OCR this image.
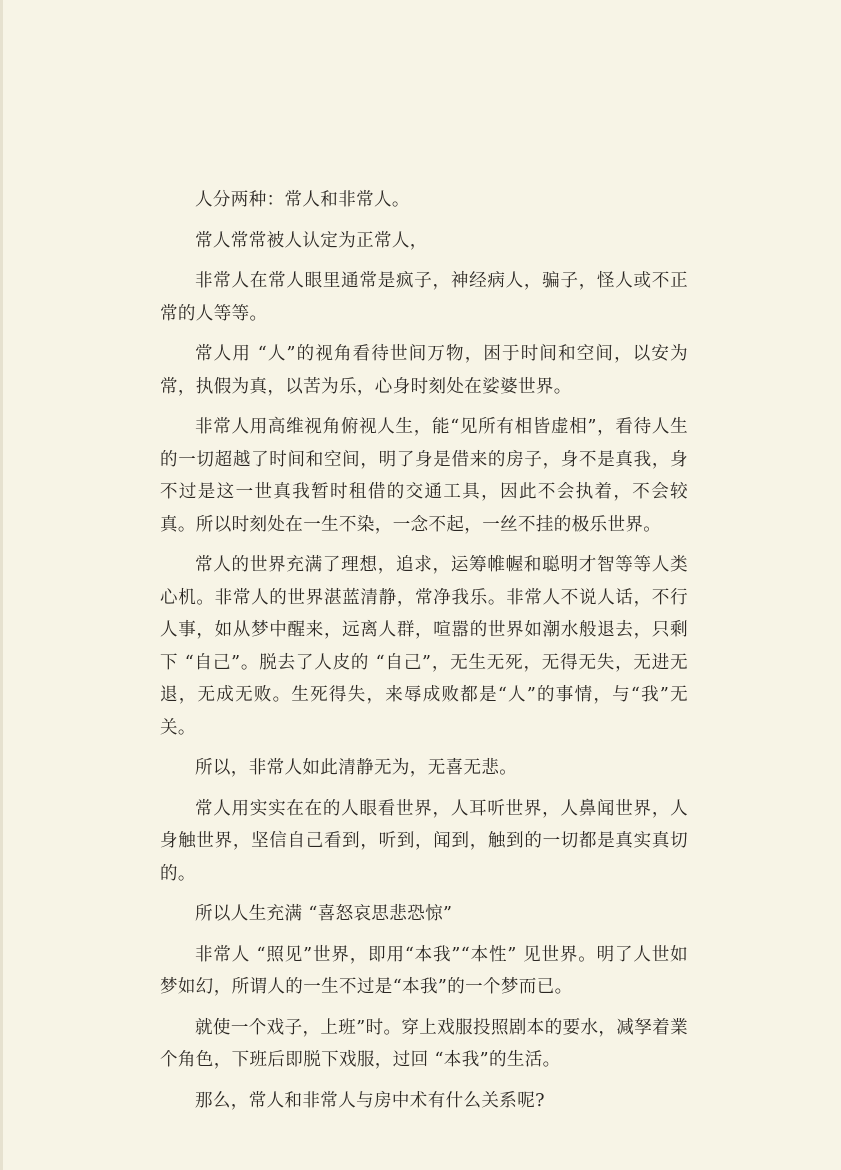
人分两种：常人和非常人。

常人常常被人认定为正常人，

非常人在常人眼里通常是疯子，神经病人，骗子，怪人或不正常的人等等。

常人用 “人”的视角看待世间万物，困于时间和空间，以安为常，执假为真，以苦为乐，心身时刻处在娑婆世界。

非常人用高维视角俯视人生，能“见所有相皆虚相”，看待人生的一切超越了时间和空间，明了身是借来的房子，身不是真我，身不过是这一世真我暂时租借的交通工具，因此不会执着，不会较真。所以时刻处在一生不染，一念不起，一丝不挂的极乐世界。

常人的世界充满了理想，追求，运筹帷幄和聪明才智等等人类心机。非常人的世界湛蓝清静，常净我乐。非常人不说人话，不行人事，如从梦中醒来，远离人群，喧嚣的世界如潮水般退去，只剩下 “自己”。脱去了人皮的 “自己”，无生无死，无得无失，无进无退，无成无败。生死得失，来辱成败都是“人”的事情，与“我”无关。

所以，非常人如此清静无为，无喜无悲。

常人用实实在在的人眼看世界，人耳听世界，人鼻闻世界，人身触世界，坚信自己看到，听到，闻到，触到的一切都是真实真切的。

所以人生充满 “喜怒哀思悲恐惊”

非常人 “照见”世界，即用“本我”“本性” 见世界。明了人世如梦如幻，所谓人的一生不过是“本我”的一个梦而已。

就使一个戏子，上班”时。穿上戏服投照剧本的要水，减孥着業个角色，下班后即脱下戏服，过回 “本我”的生活。

那么，常人和非常人与房中术有什么关系呢?
